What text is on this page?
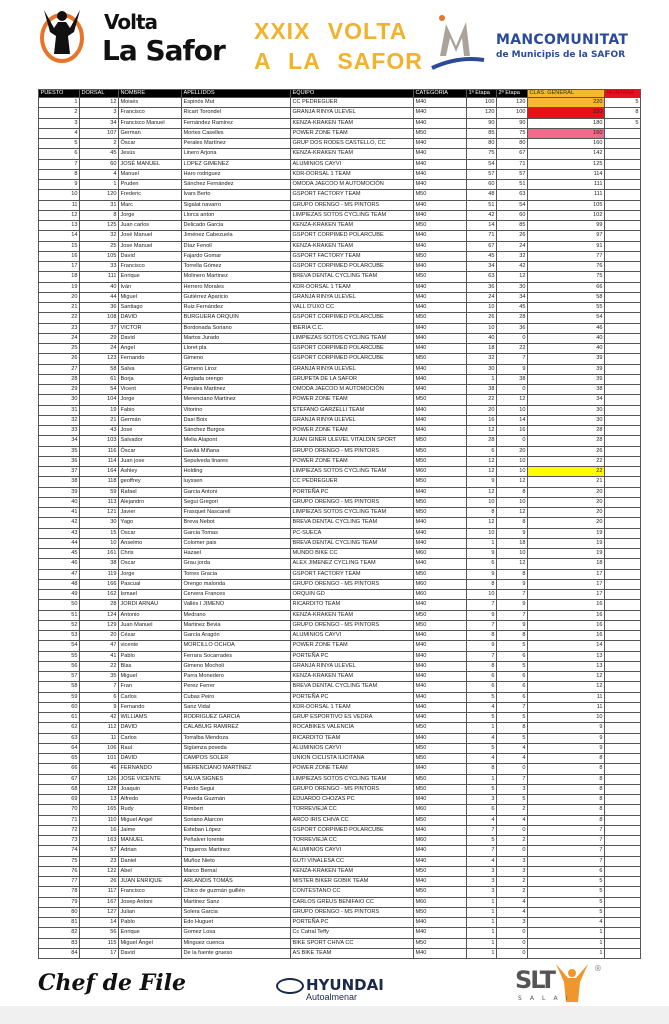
Volta
La Safor
XXIX VOLTA
A LA SAFOR
MANCOMUNITAT
de Municipis de la SAFOR
PUESTO	DORSAL	NOMBRE	APELLIDOS	EQUIPO	CATEGORIA	1ª Etapa	2ª Etapa	CLAS. GENERAL	MONTAÑA
1	12	Moisés	Espinós Mut	CC PEDREGUER	M40	100	120	220	5
2	3	Francisco	Ricart Torondel	GRANJA RINYA ULEVEL	M40	120	100	220	8
3	34	Francisco Manuel	Fernández Ramírez	KENZA-KRAKEN TEAM	M40	90	90	180	5
4	107	German	Mortes Caselles	POWER ZONE TEAM	M50	85	75	160	
5	2	Óscar	Perales Martínez	GRUP DOS RODES CASTELLO, CC	M40	80	80	160	
6	45	Jesús	Linero Arjona	KENZA-KRAKEN TEAM	M40	75	67	142	
7	60	JOSÉ MANUEL	LOPEZ GIMENEZ	ALUMINIOS CAYVI	M40	54	71	125	
8	4	Manuel	Haro rodriguez	KDR-DORSAL 1 TEAM	M40	57	57	114	
9	1	Pruden	Sánchez Fernández	OMODA JAECOO M AUTOMOCIÓN	M40	60	51	111	
10	120	Frederic	Ivars Berto	GSPORT FACTORY TEAM	M50	48	63	111	
11	31	Marc	Sigalat navarro	GRUPO ORENGO - MS PINTORS	M40	51	54	105	
12	8	Jorge	Llorca anton	LIMPIEZAS SOTOS CYCLING TEAM	M40	42	60	102	
13	125	Juan carlos	Delicado Garcia	KENZA-KRAKEN TEAM	M50	14	85	99	
14	32	José Manuel	Jiménez Cabezuela	GSPORT CORPIMED POLARCUBE	M40	71	26	97	
15	25	Jose Manuel	Díaz Fenoll	KENZA-KRAKEN TEAM	M40	67	24	91	
16	105	David	Fajardo Gomar	GSPORT FACTORY TEAM	M50	45	32	77	
17	33	Francisco	Torrella Gómez	GSPORT CORPIMED POLARCUBE	M40	34	42	76	
18	111	Enrique	Molinero Martinez	BREVA DENTAL CYCLING TEAM	M50	63	12	75	
19	40	Iván	Herrero Morales	KDR-DORSAL 1 TEAM	M40	36	30	66	
20	44	Miguel	Gutiérrez Aparicio	GRANJA RINYA ULEVEL	M40	24	34	58	
21	36	Santiago	Ruiz Fernández	VALL D'UXO CC	M40	10	45	55	
22	108	DAVID	BURGUERA ORQUIN	GSPORT CORPIMED POLARCUBE	M50	26	28	54	
23	37	VICTOR	Bordonada Soriano	IBERIA C.C.	M40	10	36	46	
24	29	David	Martos Jurado	LIMPIEZAS SOTOS CYCLING TEAM	M40	40	0	40	
25	24	Angel	Lloret pla	GSPORT CORPIMED POLARCUBE	M40	18	22	40	
26	123	Fernando	Gimeno	GSPORT CORPIMED POLARCUBE	M50	32	7	39	
27	58	Salva	Gimeno Liroz	GRANJA RINYA ULEVEL	M40	30	9	39	
28	61	Borja	Anglada orengo	GRUPETA DE LA SAFOR	M40	1	38	39	
29	54	Vicent	Perales Martinez	OMODA JAECOO M AUTOMOCIÓN	M40	38	0	38	
30	104	Jorge	Merenciano Martinez	POWER ZONE TEAM	M50	22	12	34	
31	19	Fabio	Vitorino	STEFANO GARZELLI TEAM	M40	20	10	30	
32	21	Germán	Dasi Boix	GRANJA RINYA ULEVEL	M40	16	14	30	
33	43	José	Sánchez Burgos	POWER ZONE TEAM	M40	12	16	28	
34	103	Salvador	Melia Alapont	JUAN GINER ULEVEL VITALDIN SPORT	M50	28	0	28	
35	116	Óscar	Gavilá Miñana	GRUPO ORENGO - MS PINTORS	M50	6	20	26	
36	114	Juan jose	Sepulveda linares	POWER ZONE TEAM	M50	12	10	22	
37	164	Ashley	Holding	LIMPIEZAS SOTOS CYCLING TEAM	M60	12	10	22	
38	118	geoffrey	luyssen	CC PEDREGUER	M50	9	12	21	
39	59	Rafael	Garcia Antoni	PORTEÑA PC	M40	12	8	20	
40	113	Alejandro	Segui Gregori	GRUPO ORENGO - MS PINTORS	M50	10	10	20	
41	121	Javier	Frasquet Nascarell	LIMPIEZAS SOTOS CYCLING TEAM	M50	8	12	20	
42	30	Yago	Breva Nebot	BREVA DENTAL CYCLING TEAM	M40	12	8	20	
43	15	Oscar	Garcia Tomas	PC-SUECA	M40	10	9	19	
44	10	Anselmo	Colomer pais	BREVA DENTAL CYCLING TEAM	M40	1	18	19	
45	161	Chris	Hazael	MUNDO BIKE CC	M60	9	10	19	
46	38	Oscar	Grau jorda	ALEX JIMENEZ CYCLING TEAM	M40	6	12	18	
47	119	Jorge	Torres Gracia	GSPORT FACTORY TEAM	M50	9	8	17	
48	166	Pascual	Orengo malonda	GRUPO ORENGO - MS PINTORS	M60	8	9	17	
49	162	Ismael	Cervera Frances	ORQUIN GD	M60	10	7	17	
50	28	JORDI ARNAU	Vallès I JIMENO	RICARDITO TEAM	M40	7	9	16	
51	124	Antonio	Medrano	KENZA-KRAKEN TEAM	M50	9	7	16	
52	129	Juan Manuel	Martinez Bevia	GRUPO ORENGO - MS PINTORS	M50	7	9	16	
53	20	César	García Aragón	ALUMINIOS CAYVI	M40	8	8	16	
54	47	vicente	MORCILLO OCHOA	POWER ZONE TEAM	M40	9	5	14	
55	41	Pablo	Ferrara Socarrades	PORTEÑA PC	M40	7	6	13	
56	22	Blas	Gimeno Mocholi	GRANJA RINYA ULEVEL	M40	8	5	13	
57	35	Miguel	Parra Monedero	KENZA-KRAKEN TEAM	M40	6	6	12	
58	7	Fran	Perez Ferrer	BREVA DENTAL CYCLING TEAM	M40	6	6	12	
59	6	Carlos	Cubas Peiro	PORTEÑA PC	M40	5	6	11	
60	9	Fernando	Sanz Vidal	KDR-DORSAL 1 TEAM	M40	4	7	11	
61	42	WILLIAMS	RODRIGUEZ GARCIA	GRUP ESPORTIVO ES VEDRA	M40	5	5	10	
62	112	DAVID	CALABUIG RAMIREZ	ROCABIKES VALENCIA	M50	1	8	9	
63	11	Carlos	Torralba Mendoza	RICARDITO TEAM	M40	4	5	9	
64	106	Raul	Sigüenza poveda	ALUMINIOS CAYVI	M50	5	4	9	
65	101	DAVID	CAMPOS SOLER	UNION CICLISTA ILICITANA	M50	4	4	8	
66	46	FERNANDO	MERENCIANO MARTÍNEZ	POWER ZONE TEAM	M40	8	0	8	
67	126	JOSE VICENTE	SALVA SIGNES	LIMPIEZAS SOTOS CYCLING TEAM	M50	1	7	8	
68	128	Joaquin	Pardo Segui	GRUPO ORENGO - MS PINTORS	M50	5	3	8	
69	13	Alfredo	Poveda Guzmán	EDUARDO CHOZAS PC	M40	3	5	8	
70	165	Rudy	Rimbert	TORREVIEJA CC	M60	6	2	8	
71	110	Miguel Angel	Soriano Alarcon	ARCO IRIS CHIVA CC	M50	4	4	8	
72	16	Jaime	Esteban López	GSPORT CORPIMED POLARCUBE	M40	7	0	7	
73	163	MANUEL	Peñalver lorente	TORREVIEJA CC	M60	5	2	7	
74	57	Adrian	Trigueros Martinez	ALUMINIOS CAYVI	M40	7	0	7	
75	23	Daniel	Muñoz Nieto	GUTI VINALESA CC	M40	4	3	7	
76	122	Abel	Marco Bernal	KENZA-KRAKEN TEAM	M50	3	3	6	
77	26	JUAN ENRIQUE	ARLANDIS TOMÁS	MISTER BIKER GOBIK TEAM	M40	3	2	5	
78	117	Francisco	Chico de guzmán guillén	CONTESTANO CC	M50	3	2	5	
79	167	Josep Antoni	Martinez Sanz	CARLOS GREUS BENIFAIO CC	M60	1	4	5	
80	127	Julian	Solera Garcia	GRUPO ORENGO - MS PINTORS	M50	1	4	5	
81	14	Pablo	Edo Huguet	PORTEÑA PC	M40	1	3	4	
82	56	Enrique	Gomez Losa	Cc Catral Teffy	M40	1	0	1	
83	115	Miguel Ángel	Minguez cuenca	BIKE SPORT CHIVA CC	M50	1	0	1	
84	17	David	De la fuente grueso	AS BIKE TEAM	M40	1	0	1	
Chef de File	HYUNDAI
Autoalmenar
SLT
SALAI
®
